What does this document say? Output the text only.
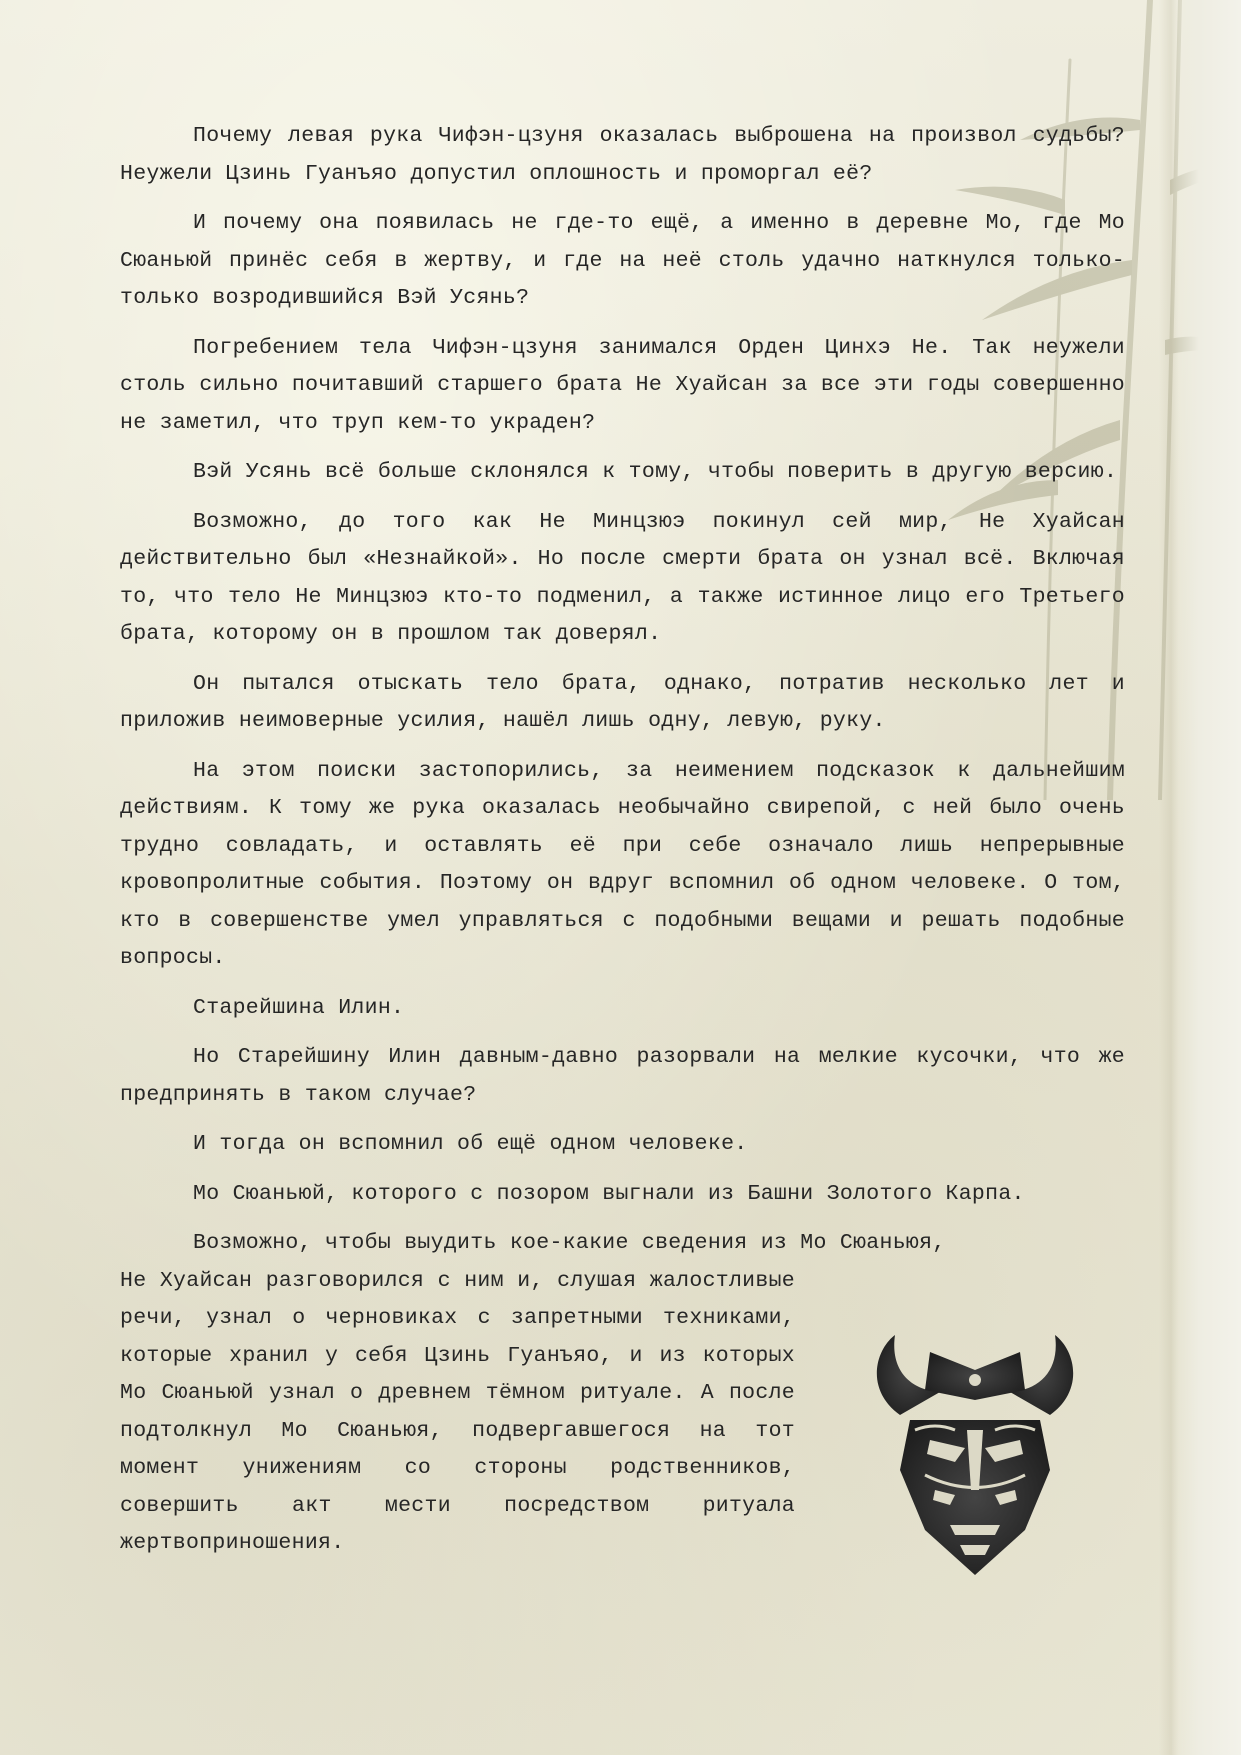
Почему левая рука Чифэн-цзуня оказалась выброшена на произвол судьбы? Неужели Цзинь Гуанъяо допустил оплошность и проморгал её?

И почему она появилась не где-то ещё, а именно в деревне Мо, где Мо Сюаньюй принёс себя в жертву, и где на неё столь удачно наткнулся только-только возродившийся Вэй Усянь?

Погребением тела Чифэн-цзуня занимался Орден Цинхэ Не. Так неужели столь сильно почитавший старшего брата Не Хуайсан за все эти годы совершенно не заметил, что труп кем-то украден?

Вэй Усянь всё больше склонялся к тому, чтобы поверить в другую версию.

Возможно, до того как Не Минцзюэ покинул сей мир, Не Хуайсан действительно был «Незнайкой». Но после смерти брата он узнал всё. Включая то, что тело Не Минцзюэ кто-то подменил, а также истинное лицо его Третьего брата, которому он в прошлом так доверял.

Он пытался отыскать тело брата, однако, потратив несколько лет и приложив неимоверные усилия, нашёл лишь одну, левую, руку.

На этом поиски застопорились, за неимением подсказок к дальнейшим действиям. К тому же рука оказалась необычайно свирепой, с ней было очень трудно совладать, и оставлять её при себе означало лишь непрерывные кровопролитные события. Поэтому он вдруг вспомнил об одном человеке. О том, кто в совершенстве умел управляться с подобными вещами и решать подобные вопросы.

Старейшина Илин.

Но Старейшину Илин давным-давно разорвали на мелкие кусочки, что же предпринять в таком случае?

И тогда он вспомнил об ещё одном человеке.

Мо Сюаньюй, которого с позором выгнали из Башни Золотого Карпа.

Возможно, чтобы выудить кое-какие сведения из Мо Сюаньюя,

Не Хуайсан разговорился с ним и, слушая жалостливые речи, узнал о черновиках с запретными техниками, которые хранил у себя Цзинь Гуанъяо, и из которых Мо Сюаньюй узнал о древнем тёмном ритуале. А после подтолкнул Мо Сюаньюя, подвергавшегося на тот момент унижениям со стороны родственников, совершить акт мести посредством ритуала жертвоприношения.
